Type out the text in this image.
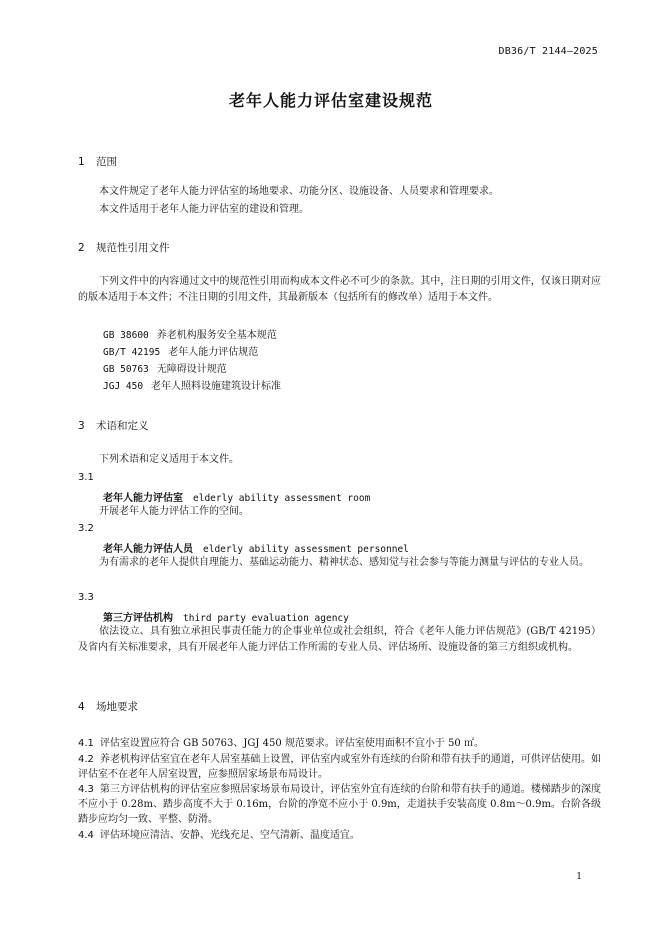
DB36/T 2144—2025
老年人能力评估室建设规范
1 范围
本文件规定了老年人能力评估室的场地要求、功能分区、设施设备、人员要求和管理要求。
本文件适用于老年人能力评估室的建设和管理。
2 规范性引用文件
下列文件中的内容通过文中的规范性引用而构成本文件必不可少的条款。其中，注日期的引用文件，仅该日期对应的版本适用于本文件；不注日期的引用文件，其最新版本（包括所有的修改单）适用于本文件。
GB 38600 养老机构服务安全基本规范
GB/T 42195 老年人能力评估规范
GB 50763 无障碍设计规范
JGJ 450 老年人照料设施建筑设计标准
3 术语和定义
下列术语和定义适用于本文件。
3.1
老年人能力评估室 elderly ability assessment room
开展老年人能力评估工作的空间。
3.2
老年人能力评估人员 elderly ability assessment personnel
为有需求的老年人提供自理能力、基础运动能力、精神状态、感知觉与社会参与等能力测量与评估的专业人员。
3.3
第三方评估机构 third party evaluation agency
依法设立、具有独立承担民事责任能力的企事业单位或社会组织，符合《老年人能力评估规范》(GB/T 42195）及省内有关标准要求，具有开展老年人能力评估工作所需的专业人员、评估场所、设施设备的第三方组织或机构。
4 场地要求
4.1 评估室设置应符合 GB 50763、JGJ 450 规范要求。评估室使用面积不宜小于 50 ㎡。
4.2 养老机构评估室宜在老年人居室基础上设置，评估室内或室外有连续的台阶和带有扶手的通道，可供评估使用。如评估室不在老年人居室设置，应参照居家场景布局设计。
4.3 第三方评估机构的评估室应参照居家场景布局设计，评估室外宜有连续的台阶和带有扶手的通道。楼梯踏步的深度不应小于 0.28m、踏步高度不大于 0.16m，台阶的净宽不应小于 0.9m，走道扶手安装高度 0.8m～0.9m。台阶各级踏步应均匀一致、平整、防滑。
4.4 评估环境应清洁、安静、光线充足、空气清新、温度适宜。
1
